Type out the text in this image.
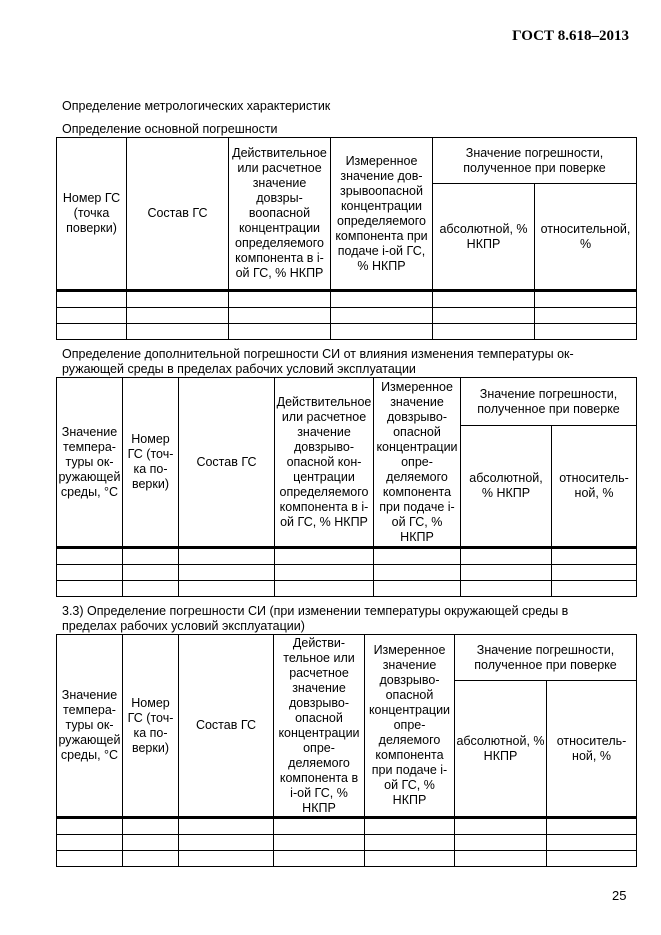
ГОСТ 8.618–2013
Определение метрологических характеристик
Определение основной погрешности
Номер ГС (точка поверки)	Состав ГС	Действительное или расчетное значение довзрывоопасной концентрации определяемого компонента в i-ой ГС, % НКПР	Измеренное значение довзрывоопасной концентрации определяемого компонента при подаче i-ой ГС, % НКПР	Значение погрешности, полученное при поверке	
				абсолютной, % НКПР	относительной, %

Определение дополнительной погрешности СИ от влияния изменения температуры окружающей среды в пределах рабочих условий эксплуатации
Значение температуры окружающей среды, °С	Номер ГС (точка поверки)	Состав ГС	Действительное или расчетное значение довзрывоопасной концентрации определяемого компонента в i-ой ГС, % НКПР	Измеренное значение довзрывоопасной концентрации определяемого компонента при подаче i-ой ГС, % НКПР	Значение погрешности, полученное при поверке	
					абсолютной, % НКПР	относительной, %

3.3) Определение погрешности СИ (при изменении температуры окружающей среды в пределах рабочих условий эксплуатации)
Значение температуры окружающей среды, °С	Номер ГС (точка поверки)	Состав ГС	Действительное или расчетное значение довзрывоопасной концентрации определяемого компонента в i-ой ГС, % НКПР	Измеренное значение довзрывоопасной концентрации определяемого компонента при подаче i-ой ГС, % НКПР	Значение погрешности, полученное при поверке	
					абсолютной, % НКПР	относительной, %

25
